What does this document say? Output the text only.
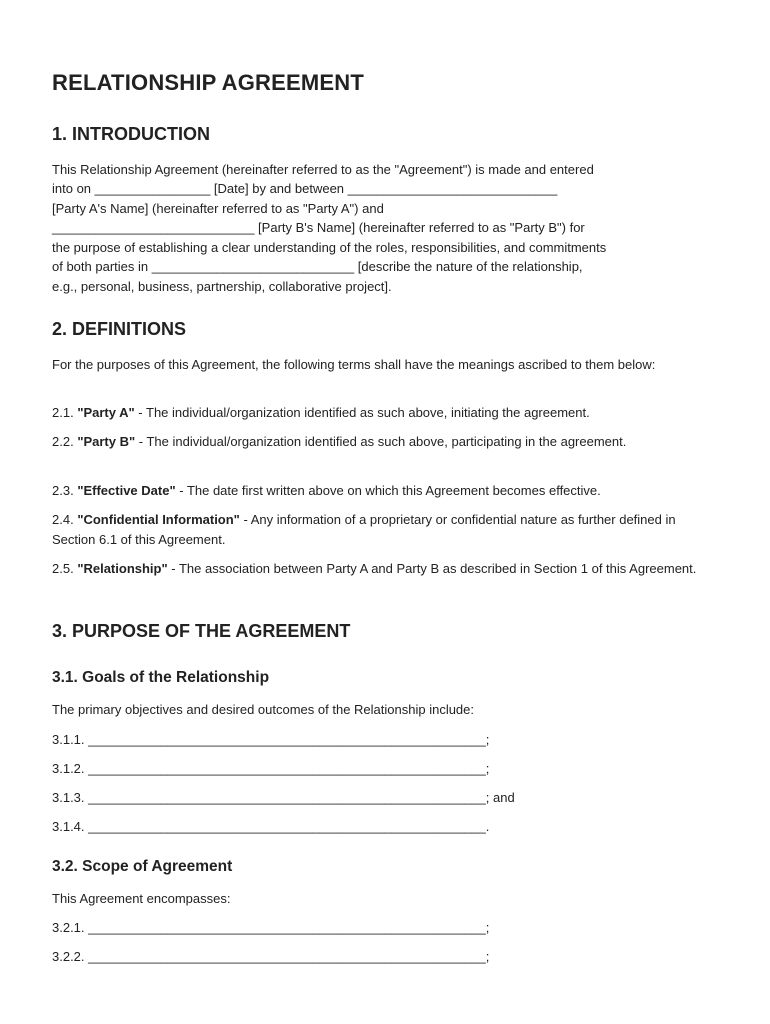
RELATIONSHIP AGREEMENT
1. INTRODUCTION
This Relationship Agreement (hereinafter referred to as the "Agreement") is made and entered
into on ________________ [Date] by and between _____________________________
[Party A's Name] (hereinafter referred to as "Party A") and
____________________________ [Party B's Name] (hereinafter referred to as "Party B") for
the purpose of establishing a clear understanding of the roles, responsibilities, and commitments
of both parties in ____________________________ [describe the nature of the relationship,
e.g., personal, business, partnership, collaborative project].
2. DEFINITIONS

For the purposes of this Agreement, the following terms shall have the meanings ascribed to them below:

2.1. "Party A" - The individual/organization identified as such above, initiating the agreement.

2.2. "Party B" - The individual/organization identified as such above, participating in the agreement.

2.3. "Effective Date" - The date first written above on which this Agreement becomes effective.

2.4. "Confidential Information" - Any information of a proprietary or confidential nature as further defined in Section 6.1 of this Agreement.

2.5. "Relationship" - The association between Party A and Party B as described in Section 1 of this Agreement.

3. PURPOSE OF THE AGREEMENT
3.1. Goals of the Relationship

The primary objectives and desired outcomes of the Relationship include:

3.1.1. _______________________________________________________;
3.1.2. _______________________________________________________;
3.1.3. _______________________________________________________; and
3.1.4. _______________________________________________________.
3.2. Scope of Agreement

This Agreement encompasses:

3.2.1. _______________________________________________________;
3.2.2. _______________________________________________________;
